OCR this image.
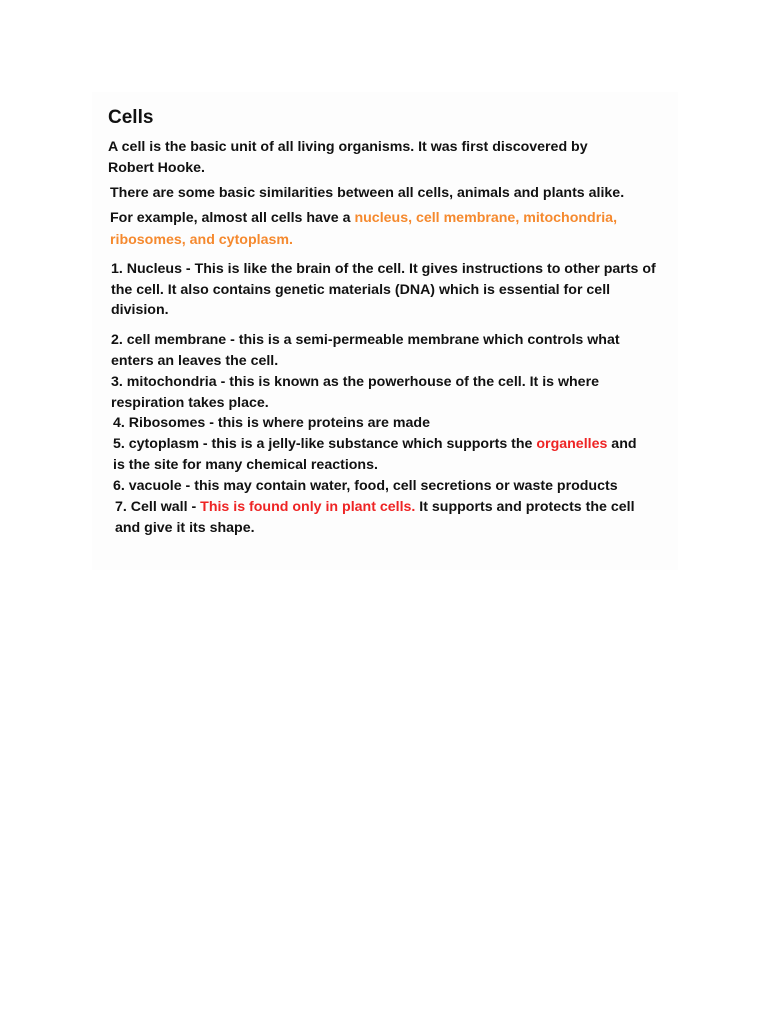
Cells

A cell is the basic unit of all living organisms. It was first discovered by

Robert Hooke.

There are some basic similarities between all cells, animals and plants alike.

For example, almost all cells have a nucleus, cell membrane, mitochondria,

ribosomes, and cytoplasm.

1. Nucleus - This is like the brain of the cell. It gives instructions to other parts of

the cell. It also contains genetic materials (DNA) which is essential for cell

division.

2. cell membrane - this is a semi-permeable membrane which controls what

enters an leaves the cell.

3. mitochondria - this is known as the powerhouse of the cell. It is where

respiration takes place.

4. Ribosomes - this is where proteins are made

5. cytoplasm - this is a jelly-like substance which supports the organelles and

is the site for many chemical reactions.

6. vacuole - this may contain water, food, cell secretions or waste products

7. Cell wall - This is found only in plant cells. It supports and protects the cell

and give it its shape.
